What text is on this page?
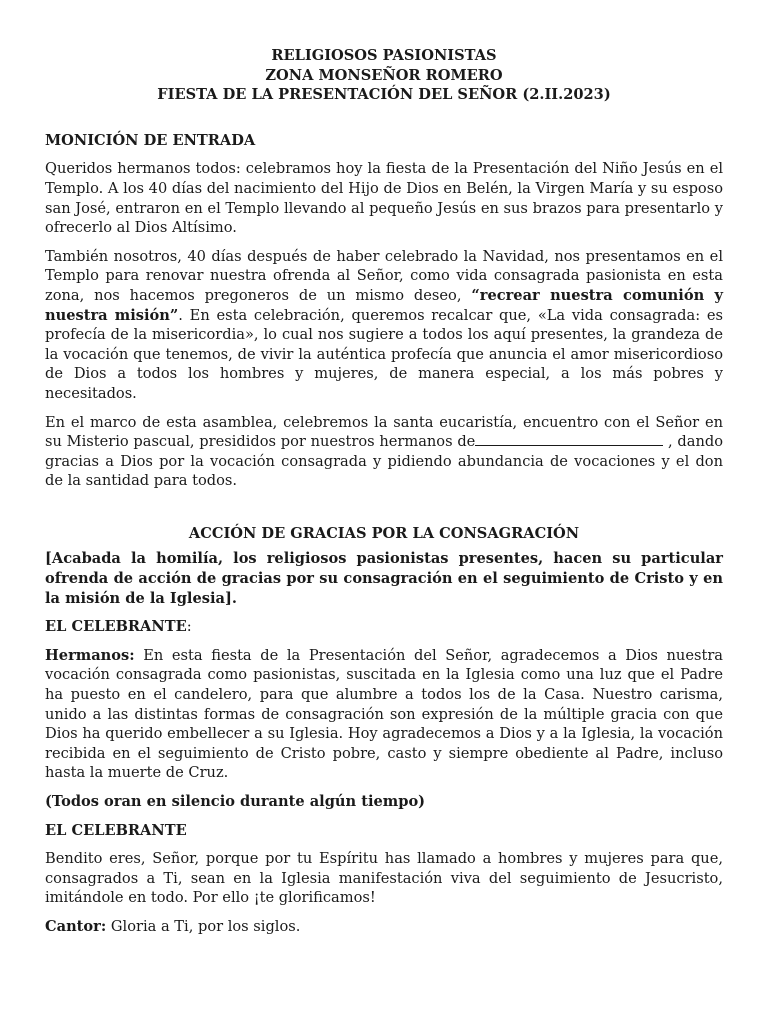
RELIGIOSOS PASIONISTAS
ZONA MONSEÑOR ROMERO
FIESTA DE LA PRESENTACIÓN DEL SEÑOR (2.II.2023)
MONICIÓN DE ENTRADA

Queridos hermanos todos: celebramos hoy la fiesta de la Presentación del Niño Jesús en el Templo. A los 40 días del nacimiento del Hijo de Dios en Belén, la Virgen María y su esposo san José, entraron en el Templo llevando al pequeño Jesús en sus brazos para presentarlo y ofrecerlo al Dios Altísimo.

También nosotros, 40 días después de haber celebrado la Navidad, nos presentamos en el Templo para renovar nuestra ofrenda al Señor, como vida consagrada pasionista en esta zona, nos hacemos pregoneros de un mismo deseo, “recrear nuestra comunión y nuestra misión”. En esta celebración, queremos recalcar que, «La vida consagrada: es profecía de la misericordia», lo cual nos sugiere a todos los aquí presentes, la grandeza de la vocación que tenemos, de vivir la auténtica profecía que anuncia el amor misericordioso de Dios a todos los hombres y mujeres, de manera especial, a los más pobres y necesitados.

En el marco de esta asamblea, celebremos la santa eucaristía, encuentro con el Señor en su Misterio pascual, presididos por nuestros hermanos de	, dando gracias a Dios por la vocación consagrada y pidiendo abundancia de vocaciones y el don de la santidad para todos.

ACCIÓN DE GRACIAS POR LA CONSAGRACIÓN
[Acabada la homilía, los religiosos pasionistas presentes, hacen su particular ofrenda de acción de gracias por su consagración en el seguimiento de Cristo y en la misión de la Iglesia].

EL CELEBRANTE:

Hermanos: En esta fiesta de la Presentación del Señor, agradecemos a Dios nuestra vocación consagrada como pasionistas, suscitada en la Iglesia como una luz que el Padre ha puesto en el candelero, para que alumbre a todos los de la Casa. Nuestro carisma, unido a las distintas formas de consagración son expresión de la múltiple gracia con que Dios ha querido embellecer a su Iglesia. Hoy agradecemos a Dios y a la Iglesia, la vocación recibida en el seguimiento de Cristo pobre, casto y siempre obediente al Padre, incluso hasta la muerte de Cruz.

(Todos oran en silencio durante algún tiempo)

EL CELEBRANTE

Bendito eres, Señor, porque por tu Espíritu has llamado a hombres y mujeres para que, consagrados a Ti, sean en la Iglesia manifestación viva del seguimiento de Jesucristo, imitándole en todo. Por ello ¡te glorificamos!

Cantor: Gloria a Ti, por los siglos.
